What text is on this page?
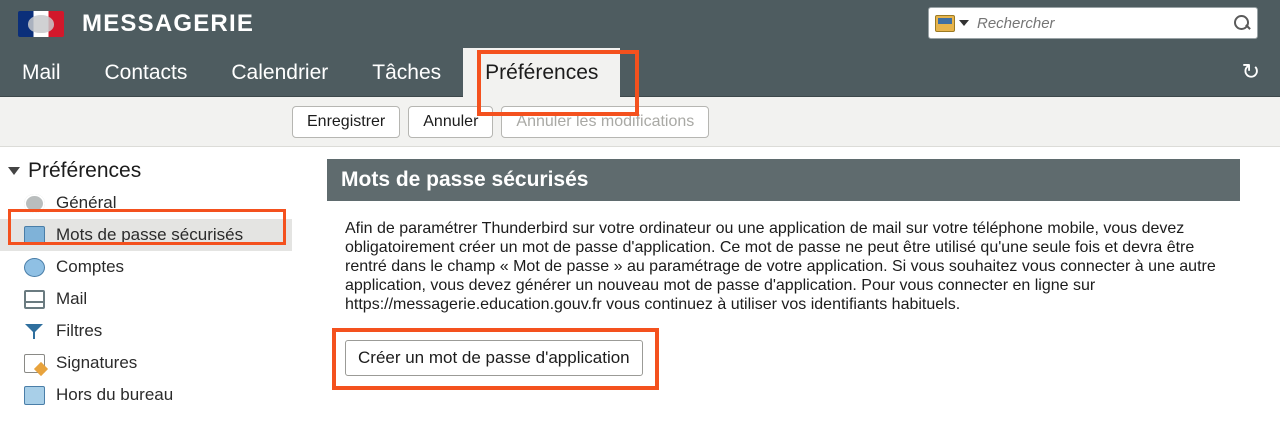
MESSAGERIE
Rechercher
Mail	Contacts	Calendrier	Tâches	Préférences	↻
Enregistrer	Annuler	Annuler les modifications
Préférences
Général
Mots de passe sécurisés
Comptes
Mail
Filtres
Signatures
Hors du bureau
Mots de passe sécurisés

Afin de paramétrer Thunderbird sur votre ordinateur ou une application de mail sur votre téléphone mobile, vous devez obligatoirement créer un mot de passe d'application. Ce mot de passe ne peut être utilisé qu'une seule fois et devra être rentré dans le champ « Mot de passe » au paramétrage de votre application. Si vous souhaitez vous connecter à une autre application, vous devez générer un nouveau mot de passe d'application. Pour vous connecter en ligne sur https://messagerie.education.gouv.fr vous continuez à utiliser vos identifiants habituels.

Créer un mot de passe d'application
